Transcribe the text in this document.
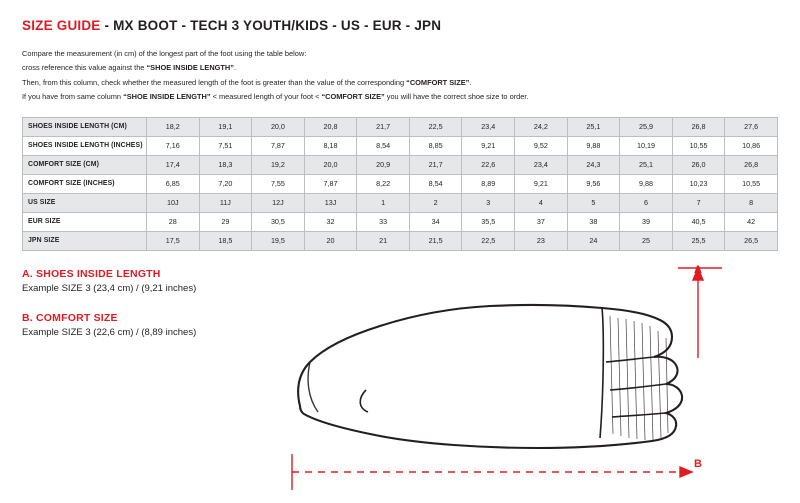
SIZE GUIDE - MX BOOT - TECH 3 YOUTH/KIDS - US - EUR - JPN
Compare the measurement (in cm) of the longest part of the foot using the table below:
cross reference this value against the “SHOE INSIDE LENGTH”.
Then, from this column, check whether the measured length of the foot is greater than the value of the corresponding “COMFORT SIZE”.
If you have from same column “SHOE INSIDE LENGTH” < measured length of your foot < “COMFORT SIZE” you will have the correct shoe size to order.
SHOES INSIDE LENGTH (CM)	18,2	19,1	20,0	20,8	21,7	22,5	23,4	24,2	25,1	25,9	26,8	27,6
SHOES INSIDE LENGTH (INCHES)	7,16	7,51	7,87	8,18	8,54	8,85	9,21	9,52	9,88	10,19	10,55	10,86
COMFORT SIZE (CM)	17,4	18,3	19,2	20,0	20,9	21,7	22,6	23,4	24,3	25,1	26,0	26,8
COMFORT SIZE (INCHES)	6,85	7,20	7,55	7,87	8,22	8,54	8,89	9,21	9,56	9,88	10,23	10,55
US SIZE	10J	11J	12J	13J	1	2	3	4	5	6	7	8
EUR SIZE	28	29	30,5	32	33	34	35,5	37	38	39	40,5	42
JPN SIZE	17,5	18,5	19,5	20	21	21,5	22,5	23	24	25	25,5	26,5

A. SHOES INSIDE LENGTH

Example SIZE 3 (23,4 cm) / (9,21 inches)

B. COMFORT SIZE

Example SIZE 3 (22,6 cm) / (8,89 inches)

A
B
